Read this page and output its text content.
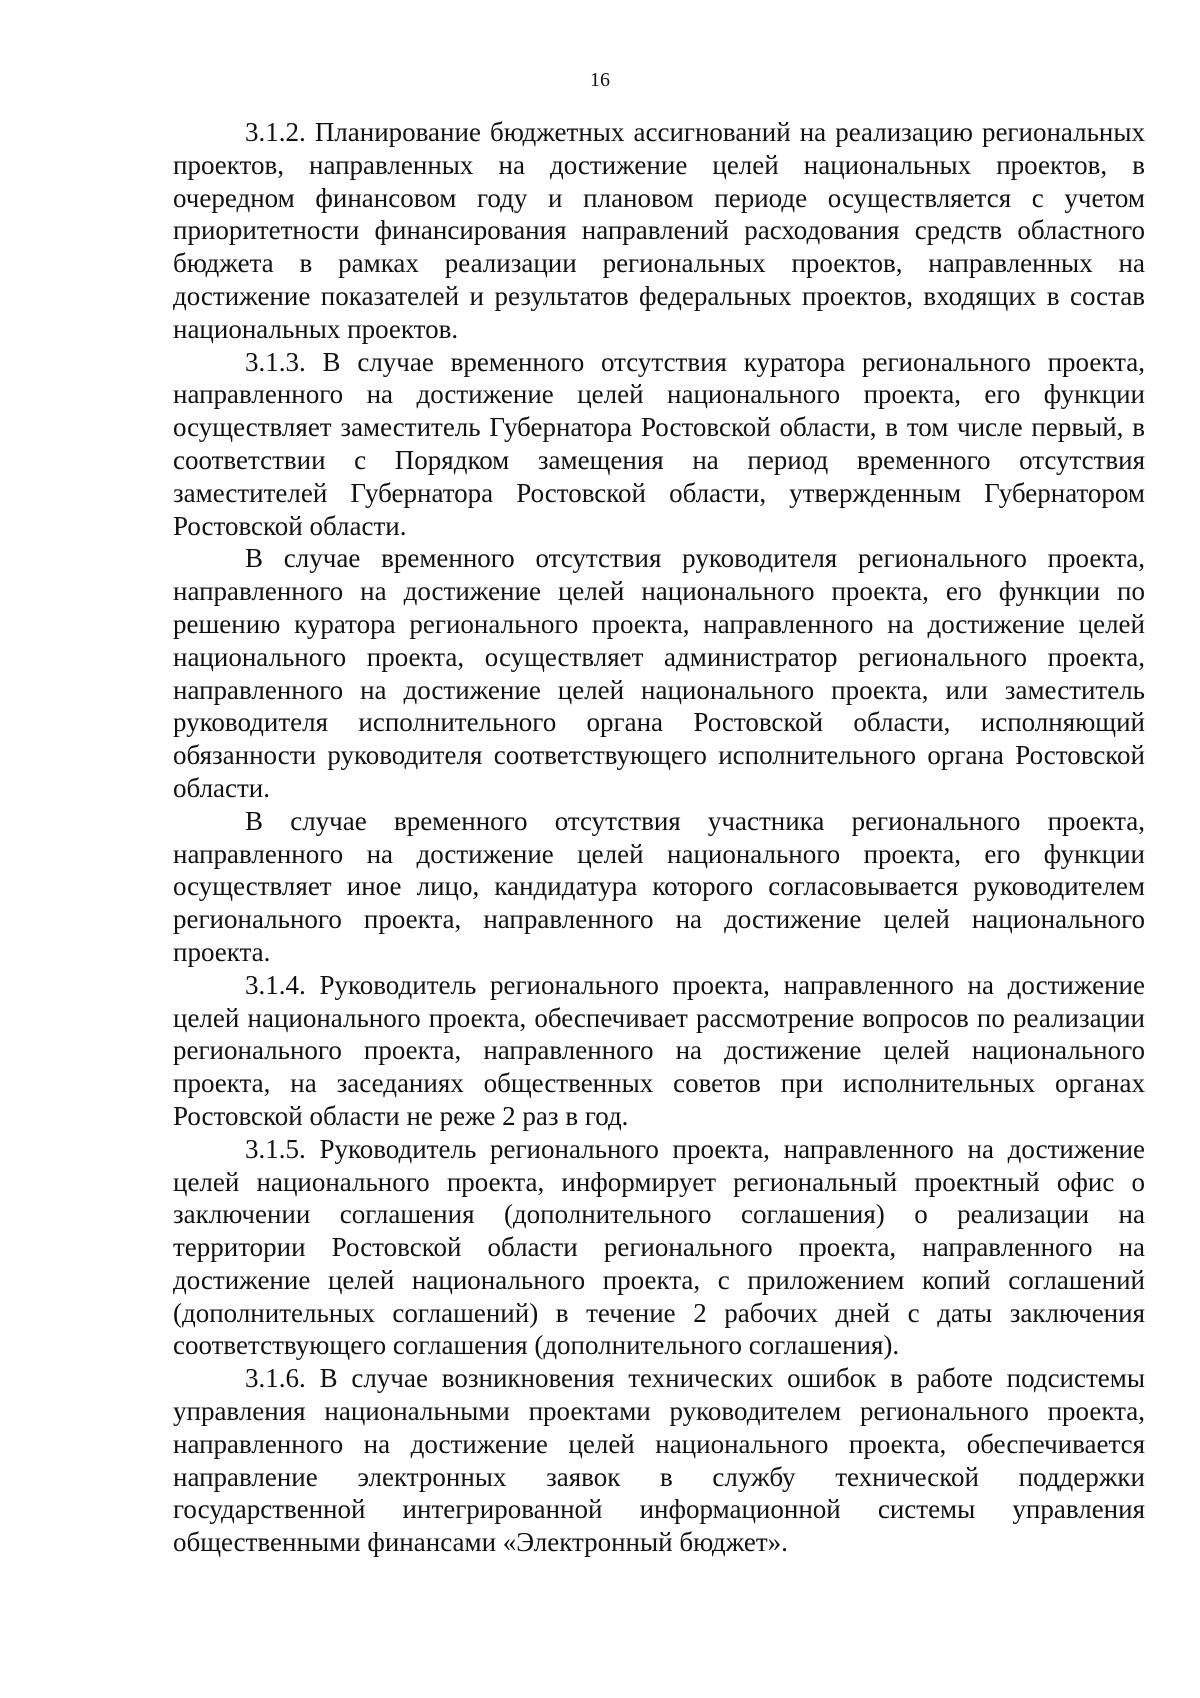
16

3.1.2. Планирование бюджетных ассигнований на реализацию региональных проектов, направленных на достижение целей национальных проектов, в очередном финансовом году и плановом периоде осуществляется с учетом приоритетности финансирования направлений расходования средств областного бюджета в рамках реализации региональных проектов, направленных на достижение показателей и результатов федеральных проектов, входящих в состав национальных проектов.

3.1.3. В случае временного отсутствия куратора регионального проекта, направленного на достижение целей национального проекта, его функции осуществляет заместитель Губернатора Ростовской области, в том числе первый, в соответствии с Порядком замещения на период временного отсутствия заместителей Губернатора Ростовской области, утвержденным Губернатором Ростовской области.

В случае временного отсутствия руководителя регионального проекта, направленного на достижение целей национального проекта, его функции по решению куратора регионального проекта, направленного на достижение целей национального проекта, осуществляет администратор регионального проекта, направленного на достижение целей национального проекта, или заместитель руководителя исполнительного органа Ростовской области, исполняющий обязанности руководителя соответствующего исполнительного органа Ростовской области.

В случае временного отсутствия участника регионального проекта, направленного на достижение целей национального проекта, его функции осуществляет иное лицо, кандидатура которого согласовывается руководителем регионального проекта, направленного на достижение целей национального проекта.

3.1.4. Руководитель регионального проекта, направленного на достижение целей национального проекта, обеспечивает рассмотрение вопросов по реализации регионального проекта, направленного на достижение целей национального проекта, на заседаниях общественных советов при исполнительных органах Ростовской области не реже 2 раз в год.

3.1.5. Руководитель регионального проекта, направленного на достижение целей национального проекта, информирует региональный проектный офис о заключении соглашения (дополнительного соглашения) о реализации на территории Ростовской области регионального проекта, направленного на достижение целей национального проекта, с приложением копий соглашений (дополнительных соглашений) в течение 2 рабочих дней с даты заключения соответствующего соглашения (дополнительного соглашения).

3.1.6. В случае возникновения технических ошибок в работе подсистемы управления национальными проектами руководителем регионального проекта, направленного на достижение целей национального проекта, обеспечивается направление электронных заявок в службу технической поддержки государственной интегрированной информационной системы управления общественными финансами «Электронный бюджет».
